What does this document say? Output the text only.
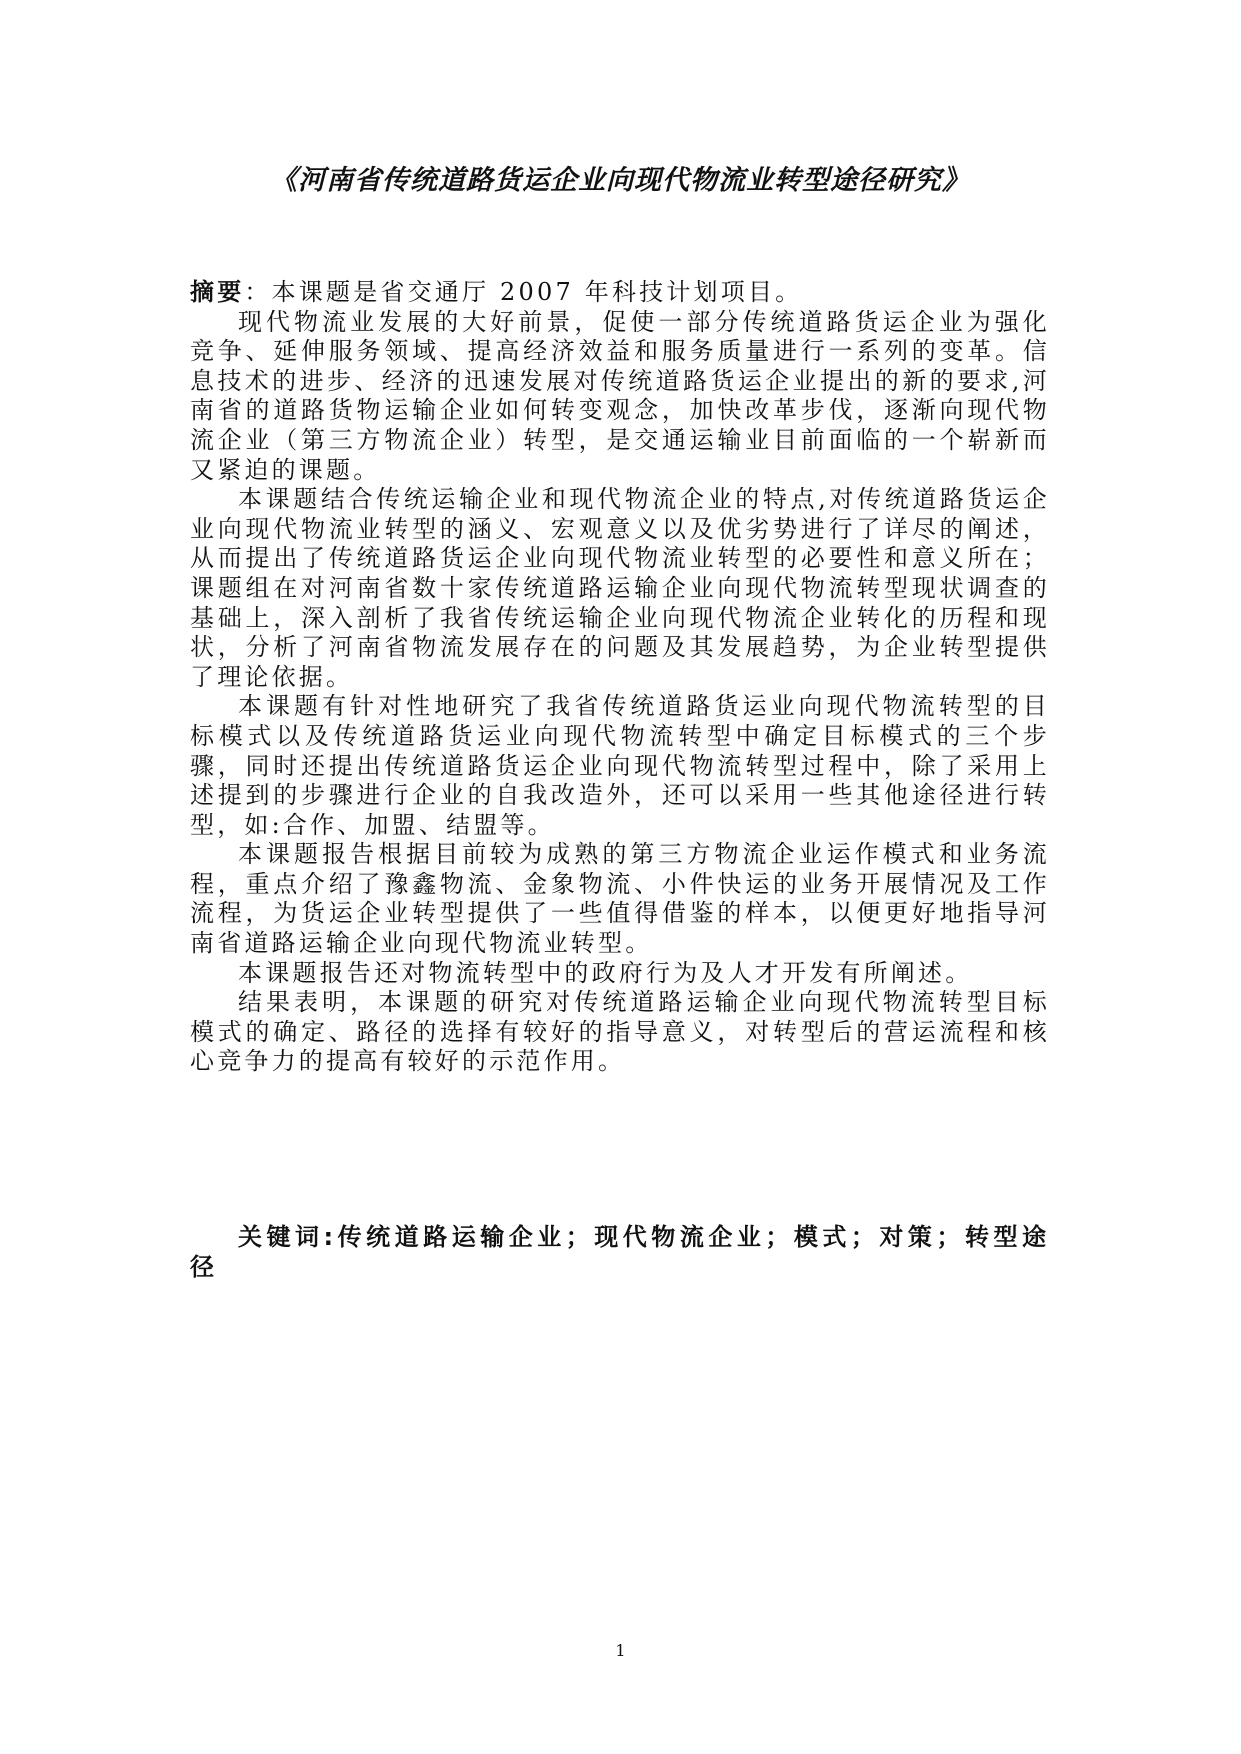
《河南省传统道路货运企业向现代物流业转型途径研究》

摘要：本课题是省交通厅 2007 年科技计划项目。

现代物流业发展的大好前景，促使一部分传统道路货运企业为强化竞争、延伸服务领域、提高经济效益和服务质量进行一系列的变革。信息技术的进步、经济的迅速发展对传统道路货运企业提出的新的要求,河南省的道路货物运输企业如何转变观念，加快改革步伐，逐渐向现代物流企业（第三方物流企业）转型，是交通运输业目前面临的一个崭新而又紧迫的课题。

本课题结合传统运输企业和现代物流企业的特点,对传统道路货运企业向现代物流业转型的涵义、宏观意义以及优劣势进行了详尽的阐述，从而提出了传统道路货运企业向现代物流业转型的必要性和意义所在；课题组在对河南省数十家传统道路运输企业向现代物流转型现状调查的基础上，深入剖析了我省传统运输企业向现代物流企业转化的历程和现状，分析了河南省物流发展存在的问题及其发展趋势，为企业转型提供了理论依据。

本课题有针对性地研究了我省传统道路货运业向现代物流转型的目标模式以及传统道路货运业向现代物流转型中确定目标模式的三个步骤，同时还提出传统道路货运企业向现代物流转型过程中，除了采用上述提到的步骤进行企业的自我改造外，还可以采用一些其他途径进行转型，如:合作、加盟、结盟等。

本课题报告根据目前较为成熟的第三方物流企业运作模式和业务流程，重点介绍了豫鑫物流、金象物流、小件快运的业务开展情况及工作流程，为货运企业转型提供了一些值得借鉴的样本，以便更好地指导河南省道路运输企业向现代物流业转型。

本课题报告还对物流转型中的政府行为及人才开发有所阐述。

结果表明，本课题的研究对传统道路运输企业向现代物流转型目标模式的确定、路径的选择有较好的指导意义，对转型后的营运流程和核心竞争力的提高有较好的示范作用。

关键词:传统道路运输企业；现代物流企业；模式；对策；转型途径
1
